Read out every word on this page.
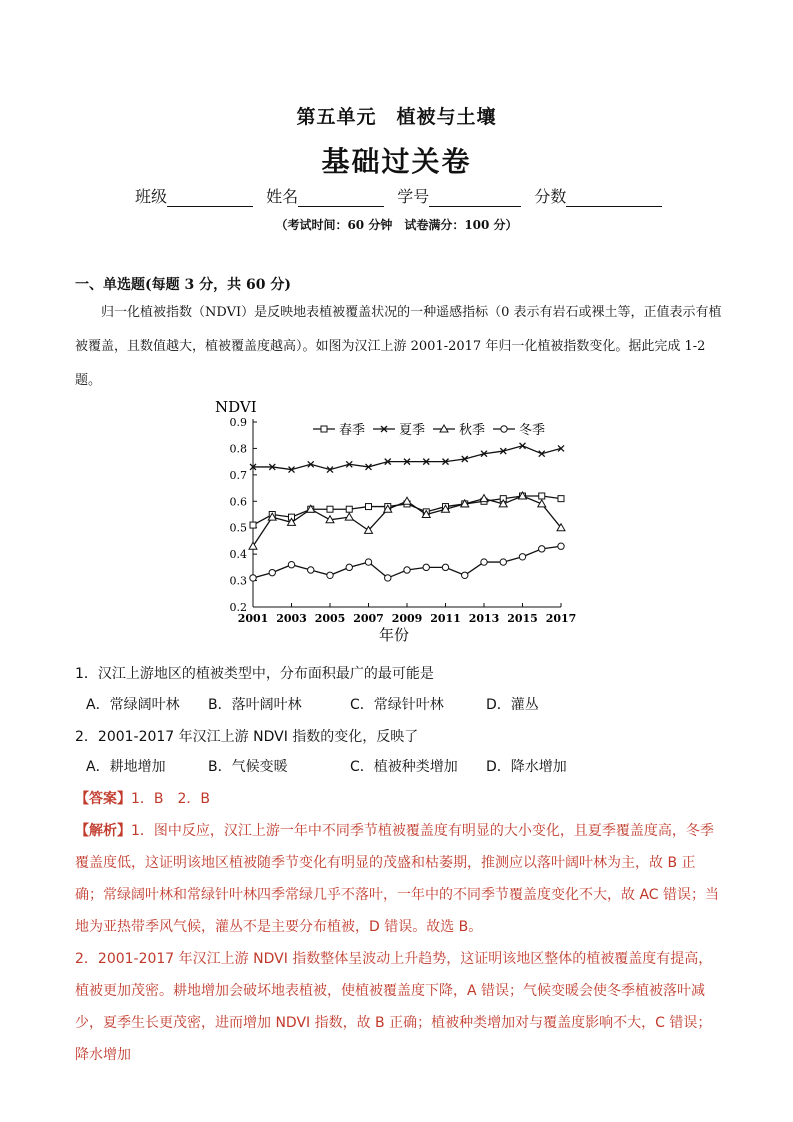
第五单元　植被与土壤
基础过关卷
班级	姓名	学号	分数
（考试时间：60 分钟　试卷满分：100 分）
一、单选题(每题 3 分，共 60 分)
归一化植被指数（NDVI）是反映地表植被覆盖状况的一种遥感指标（0 表示有岩石或裸土等，正值表示有植被覆盖，且数值越大，植被覆盖度越高）。如图为汉江上游 2001-2017 年归一化植被指数变化。据此完成 1-2 题。
NDVI
0.2
0.3
0.4
0.5
0.6
0.7
0.8
0.9
2001 2003 2005 2007 2009 2011 2013 2015 2017
春季	夏季	秋季	冬季
年份
1．汉江上游地区的植被类型中，分布面积最广的最可能是
A．常绿阔叶林 B．落叶阔叶林	C．常绿针叶林	D．灌丛
2．2001-2017 年汉江上游 NDVI 指数的变化，反映了
A．耕地增加	B．气候变暖	C．植被种类增加 D．降水增加
【答案】1．B　2．B

【解析】1．图中反应，汉江上游一年中不同季节植被覆盖度有明显的大小变化，且夏季覆盖度高，冬季覆盖度低，这证明该地区植被随季节变化有明显的茂盛和枯萎期，推测应以落叶阔叶林为主，故 B 正确；常绿阔叶林和常绿针叶林四季常绿几乎不落叶，一年中的不同季节覆盖度变化不大，故 AC 错误；当地为亚热带季风气候，灌丛不是主要分布植被，D 错误。故选 B。

2．2001-2017 年汉江上游 NDVI 指数整体呈波动上升趋势，这证明该地区整体的植被覆盖度有提高，植被更加茂密。耕地增加会破坏地表植被，使植被覆盖度下降，A 错误；气候变暖会使冬季植被落叶减少，夏季生长更茂密，进而增加 NDVI 指数，故 B 正确；植被种类增加对与覆盖度影响不大，C 错误；降水增加
